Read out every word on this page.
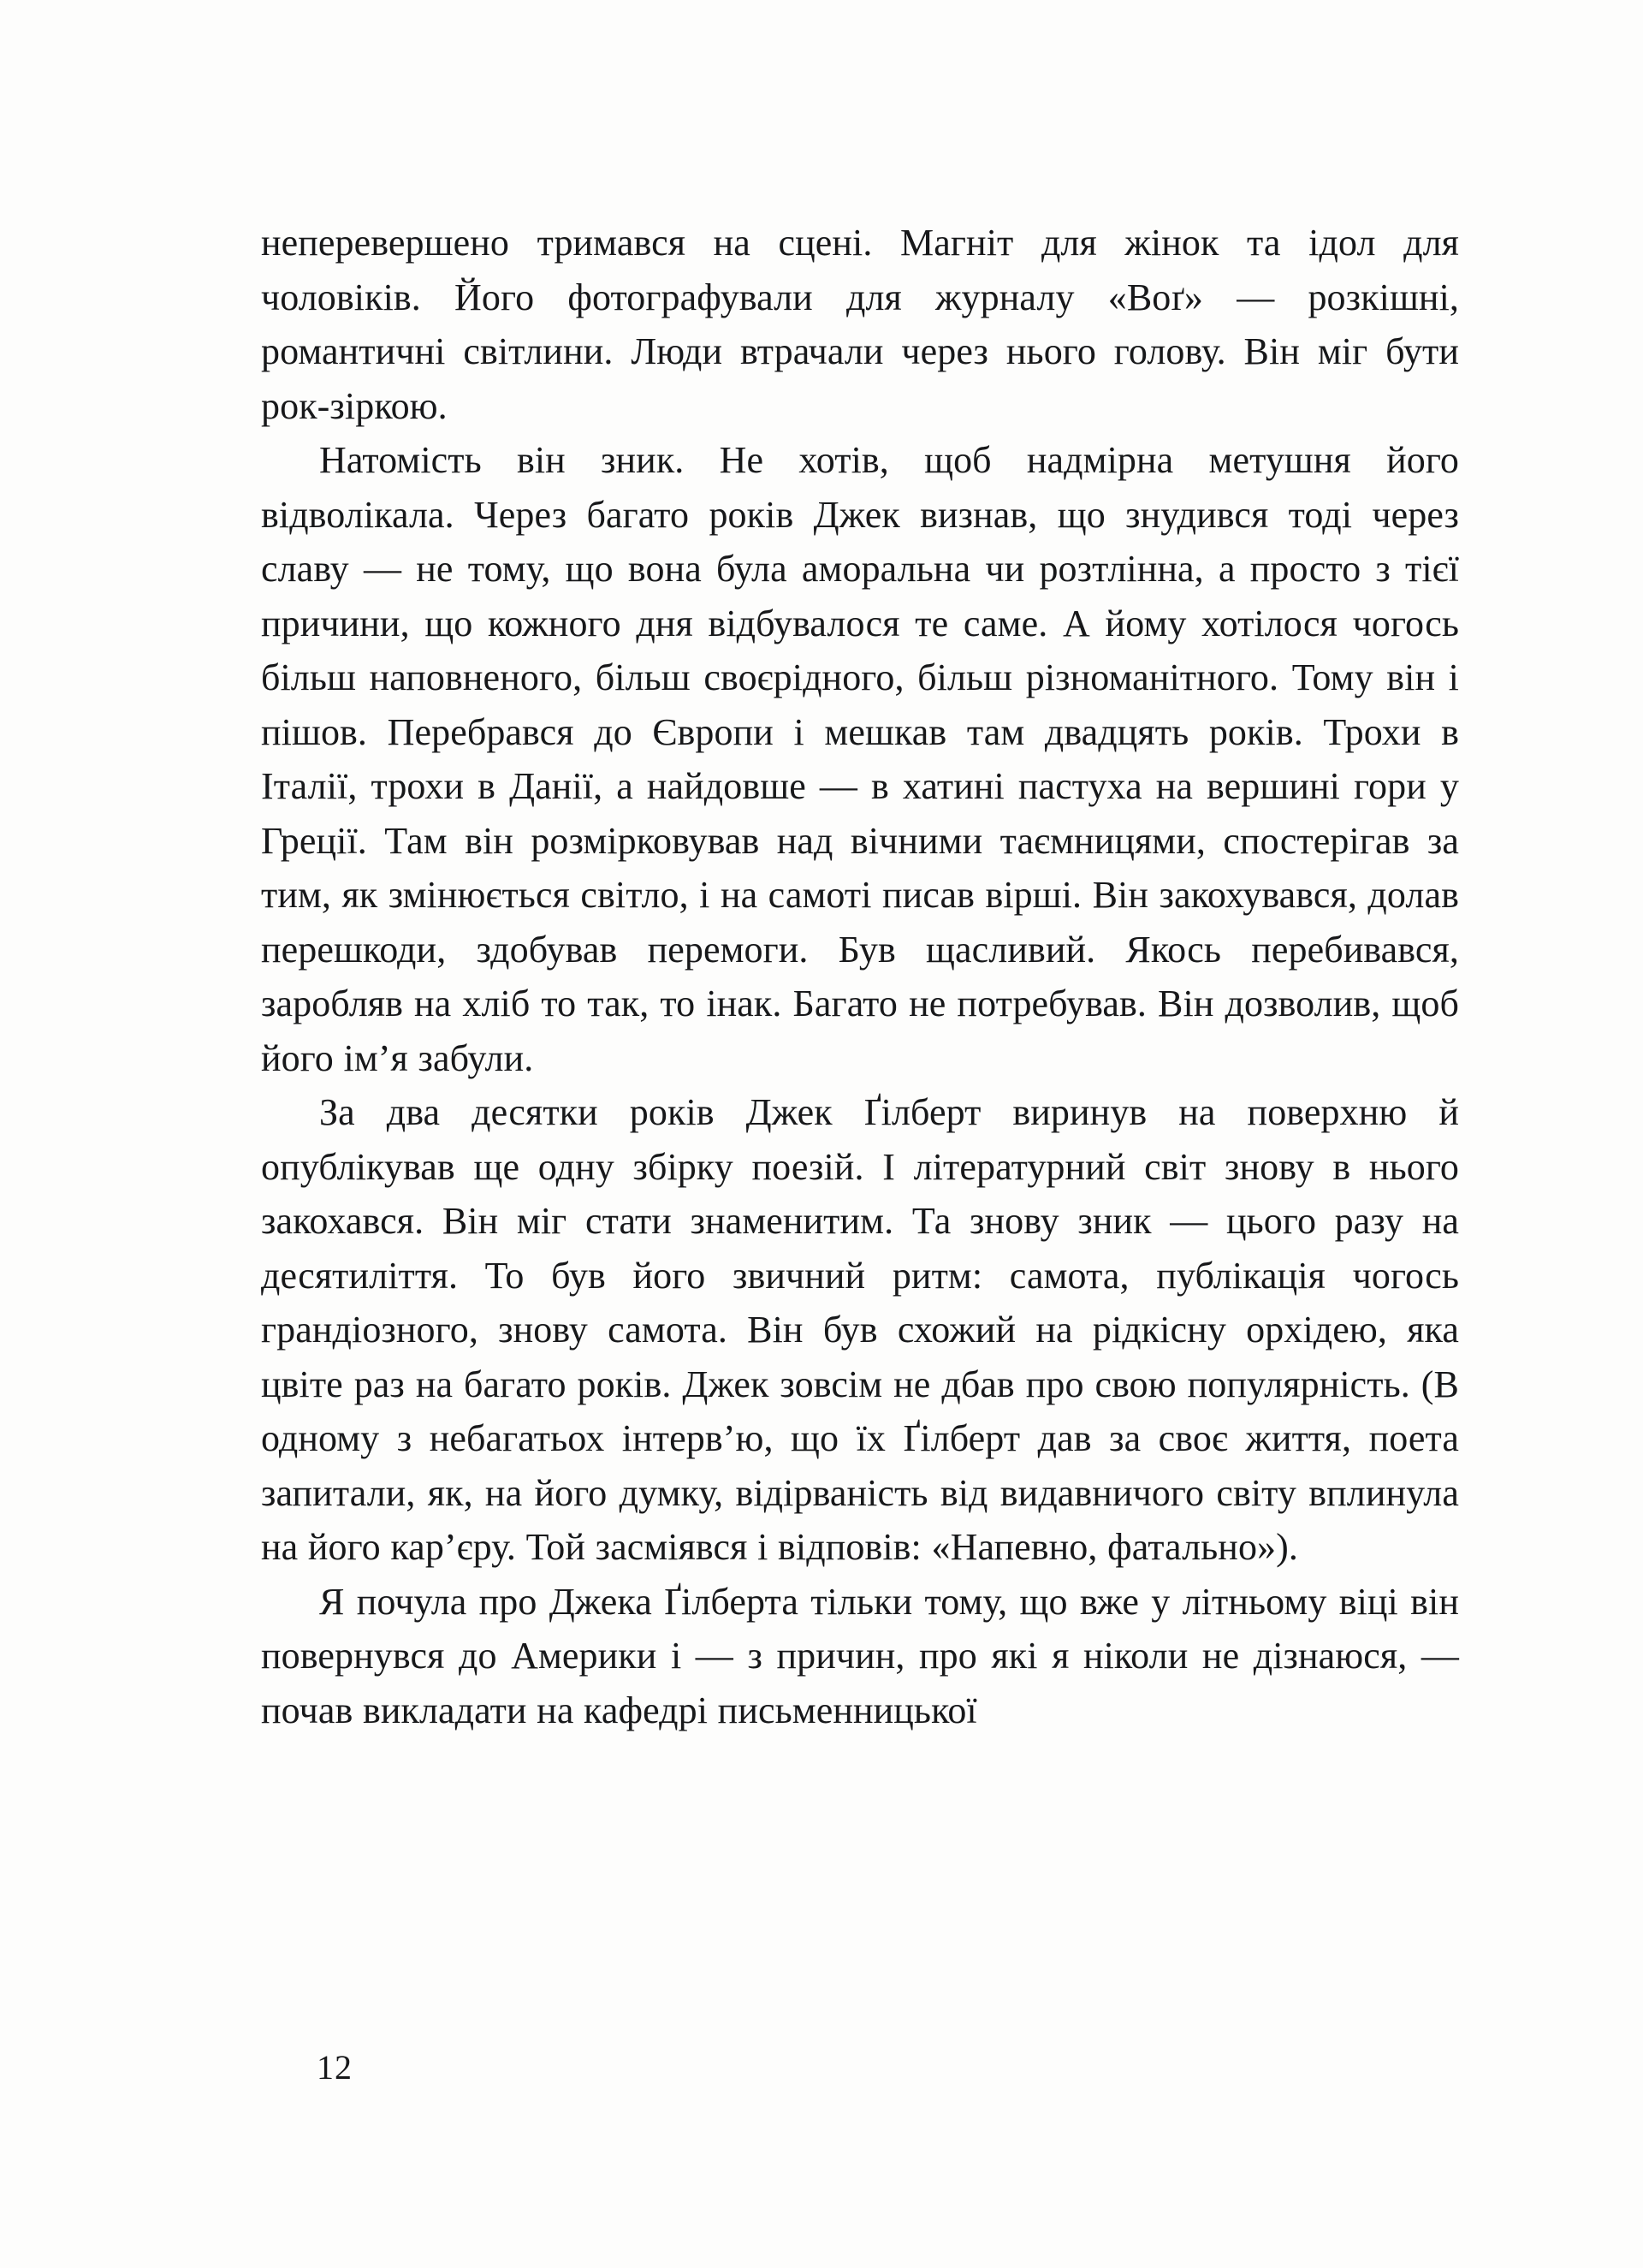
неперевершено тримався на сцені. Магніт для жінок та ідол для чоловіків. Його фотографували для журналу «Воґ» — розкішні, романтичні світлини. Люди втрачали через нього голову. Він міг бути рок-зіркою.

Натомість він зник. Не хотів, щоб надмірна метушня його відволікала. Через багато років Джек визнав, що знудився тоді через славу — не тому, що вона була аморальна чи розтлінна, а просто з тієї причини, що кожного дня відбувалося те саме. А йому хотілося чогось більш наповненого, більш своєрідного, більш різноманітного. Тому він і пішов. Перебрався до Європи і мешкав там двадцять років. Трохи в Італії, трохи в Данії, а найдовше — в хатині пастуха на вершині гори у Греції. Там він розмірковував над вічними таємницями, спостерігав за тим, як змінюється світло, і на самоті писав вірші. Він закохувався, долав перешкоди, здобував перемоги. Був щасливий. Якось перебивався, заробляв на хліб то так, то інак. Багато не потребував. Він дозволив, щоб його ім’я забули.

За два десятки років Джек Ґілберт виринув на поверхню й опублікував ще одну збірку поезій. І літературний світ знову в нього закохався. Він міг стати знаменитим. Та знову зник — цього разу на десятиліття. То був його звичний ритм: самота, публікація чогось грандіозного, знову самота. Він був схожий на рідкісну орхідею, яка цвіте раз на багато років. Джек зовсім не дбав про свою популярність. (В одному з небагатьох інтерв’ю, що їх Ґілберт дав за своє життя, поета запитали, як, на його думку, відірваність від видавничого світу вплинула на його кар’єру. Той засміявся і відповів: «Напевно, фатально»).

Я почула про Джека Ґілберта тільки тому, що вже у літньому віці він повернувся до Америки і — з причин, про які я ніколи не дізнаюся, — почав викладати на кафедрі письменницької

12
